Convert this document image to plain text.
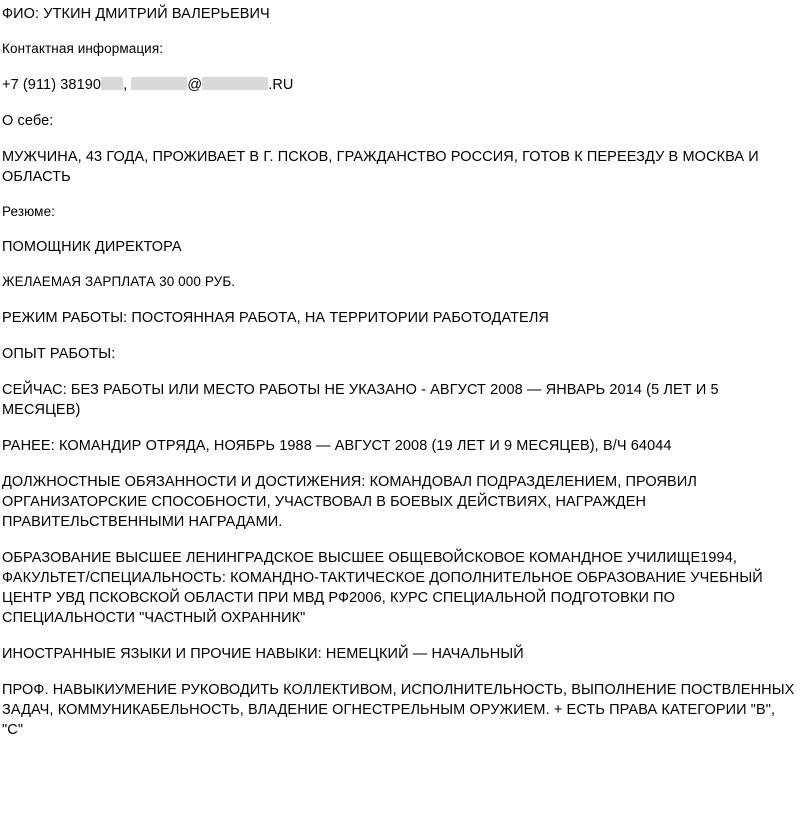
ФИО: УТКИН ДМИТРИЙ ВАЛЕРЬЕВИЧ

Контактная информация:

+7 (911) 38190 ,	@	.RU

О себе:

МУЖЧИНА, 43 ГОДА, ПРОЖИВАЕТ В Г. ПСКОВ, ГРАЖДАНСТВО РОССИЯ, ГОТОВ К ПЕРЕЕЗДУ В МОСКВА И ОБЛАСТЬ

Резюме:

ПОМОЩНИК ДИРЕКТОРА

ЖЕЛАЕМАЯ ЗАРПЛАТА 30 000 РУБ.

РЕЖИМ РАБОТЫ: ПОСТОЯННАЯ РАБОТА, НА ТЕРРИТОРИИ РАБОТОДАТЕЛЯ

ОПЫТ РАБОТЫ:

СЕЙЧАС: БЕЗ РАБОТЫ ИЛИ МЕСТО РАБОТЫ НЕ УКАЗАНО - АВГУСТ 2008 — ЯНВАРЬ 2014 (5 ЛЕТ И 5 МЕСЯЦЕВ)

РАНЕЕ: КОМАНДИР ОТРЯДА, НОЯБРЬ 1988 — АВГУСТ 2008 (19 ЛЕТ И 9 МЕСЯЦЕВ), В/Ч 64044

ДОЛЖНОСТНЫЕ ОБЯЗАННОСТИ И ДОСТИЖЕНИЯ: КОМАНДОВАЛ ПОДРАЗДЕЛЕНИЕМ, ПРОЯВИЛ ОРГАНИЗАТОРСКИЕ СПОСОБНОСТИ, УЧАСТВОВАЛ В БОЕВЫХ ДЕЙСТВИЯХ, НАГРАЖДЕН ПРАВИТЕЛЬСТВЕННЫМИ НАГРАДАМИ.

ОБРАЗОВАНИЕ ВЫСШЕЕ ЛЕНИНГРАДСКОЕ ВЫСШЕЕ ОБЩЕВОЙСКОВОЕ КОМАНДНОЕ УЧИЛИЩЕ1994, ФАКУЛЬТЕТ/СПЕЦИАЛЬНОСТЬ: КОМАНДНО-ТАКТИЧЕСКОЕ ДОПОЛНИТЕЛЬНОЕ ОБРАЗОВАНИЕ УЧЕБНЫЙ ЦЕНТР УВД ПСКОВСКОЙ ОБЛАСТИ ПРИ МВД РФ2006, КУРС СПЕЦИАЛЬНОЙ ПОДГОТОВКИ ПО СПЕЦИАЛЬНОСТИ "ЧАСТНЫЙ ОХРАННИК"

ИНОСТРАННЫЕ ЯЗЫКИ И ПРОЧИЕ НАВЫКИ: НЕМЕЦКИЙ — НАЧАЛЬНЫЙ

ПРОФ. НАВЫКИУМЕНИЕ РУКОВОДИТЬ КОЛЛЕКТИВОМ, ИСПОЛНИТЕЛЬНОСТЬ, ВЫПОЛНЕНИЕ ПОСТВЛЕННЫХ ЗАДАЧ, КОММУНИКАБЕЛЬНОСТЬ, ВЛАДЕНИЕ ОГНЕСТРЕЛЬНЫМ ОРУЖИЕМ. + ЕСТЬ ПРАВА КАТЕГОРИИ "В", "С"
